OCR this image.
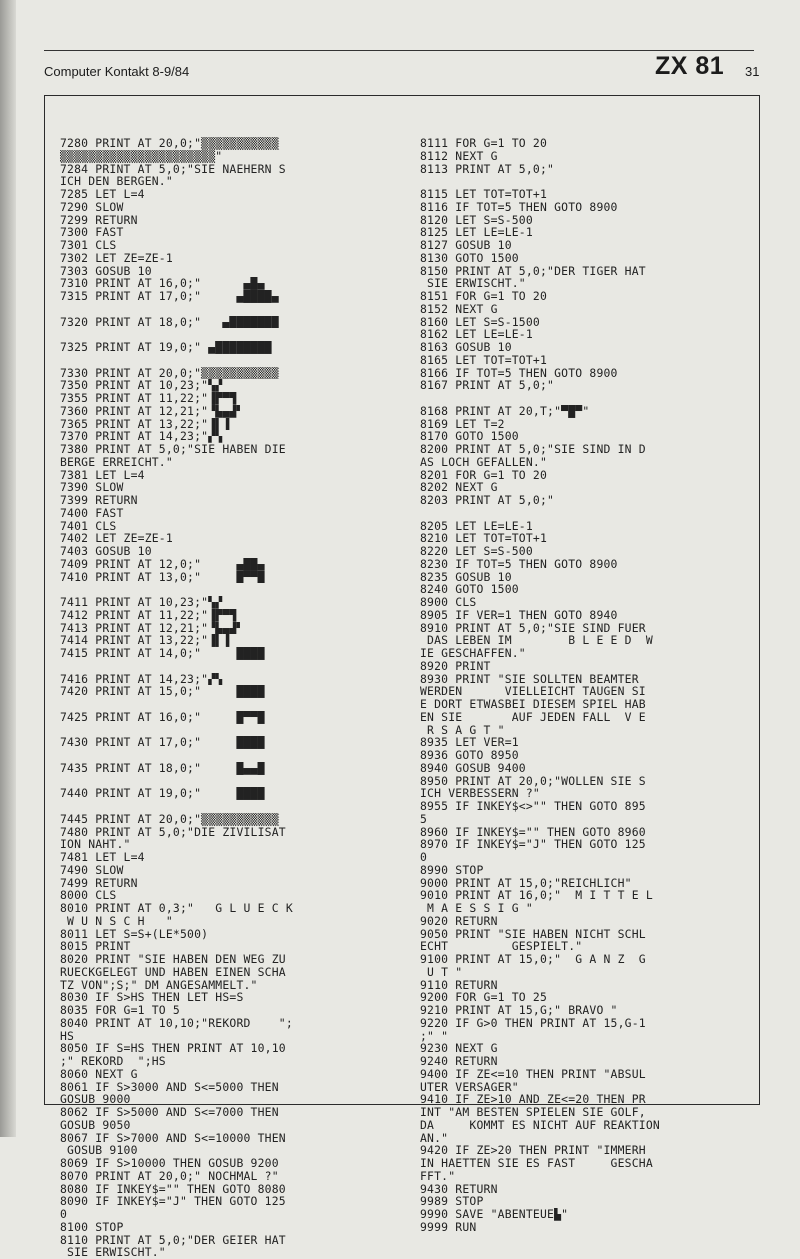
Computer Kontakt 8-9/84	ZX 81 31
7280 PRINT AT 20,0;"▒▒▒▒▒▒▒▒▒▒▒
▒▒▒▒▒▒▒▒▒▒▒▒▒▒▒▒▒▒▒▒▒▒"
7284 PRINT AT 5,0;"SIE NAEHERN S
ICH DEN BERGEN."
7285 LET L=4
7290 SLOW
7299 RETURN
7300 FAST
7301 CLS
7302 LET ZE=ZE-1
7303 GOSUB 10
7310 PRINT AT 16,0;"      ▄█▄
7315 PRINT AT 17,0;"     ▄████▄
7320 PRINT AT 18,0;"   ▄███████
7325 PRINT AT 19,0;" ▄████████
7330 PRINT AT 20,0;"▒▒▒▒▒▒▒▒▒▒▒
7350 PRINT AT 10,23;"▚▞
7355 PRINT AT 11,22;"▐▛▀▜
7360 PRINT AT 12,21;"▝▙▄▟▘
7365 PRINT AT 13,22;"▐▌▐
7370 PRINT AT 14,23;"▞▚
7380 PRINT AT 5,0;"SIE HABEN DIE
BERGE ERREICHT."
7381 LET L=4
7390 SLOW
7399 RETURN
7400 FAST
7401 CLS
7402 LET ZE=ZE-1
7403 GOSUB 10
7409 PRINT AT 12,0;"     ▄██▄
7410 PRINT AT 13,0;"     █▀▀█
7411 PRINT AT 10,23;"▚▞
7412 PRINT AT 11,22;"▐▛▀▜
7413 PRINT AT 12,21;"▝▙▄▟▘
7414 PRINT AT 13,22;"▐▌▐
7415 PRINT AT 14,0;"     ████
7416 PRINT AT 14,23;"▞▚
7420 PRINT AT 15,0;"     ████
7425 PRINT AT 16,0;"     █▀▀█
7430 PRINT AT 17,0;"     ████
7435 PRINT AT 18,0;"     █▄▄█
7440 PRINT AT 19,0;"     ████
7445 PRINT AT 20,0;"▒▒▒▒▒▒▒▒▒▒▒
7480 PRINT AT 5,0;"DIE ZIVILISAT
ION NAHT."
7481 LET L=4
7490 SLOW
7499 RETURN
8000 CLS
8010 PRINT AT 0,3;"   G L U E C K
W U N S C H   "
8011 LET S=S+(LE*500)
8015 PRINT
8020 PRINT "SIE HABEN DEN WEG ZU
RUECKGELEGT UND HABEN EINEN SCHA
TZ VON";S;" DM ANGESAMMELT."
8030 IF S>HS THEN LET HS=S
8035 FOR G=1 TO 5
8040 PRINT AT 10,10;"REKORD    ";
HS
8050 IF S=HS THEN PRINT AT 10,10
;" REKORD  ";HS
8060 NEXT G
8061 IF S>3000 AND S<=5000 THEN
GOSUB 9000
8062 IF S>5000 AND S<=7000 THEN
GOSUB 9050
8067 IF S>7000 AND S<=10000 THEN
GOSUB 9100
8069 IF S>10000 THEN GOSUB 9200
8070 PRINT AT 20,0;" NOCHMAL ?"
8080 IF INKEY$="" THEN GOTO 8080
8090 IF INKEY$="J" THEN GOTO 125
0
8100 STOP
8110 PRINT AT 5,0;"DER GEIER HAT
SIE ERWISCHT."
8111 FOR G=1 TO 20
8112 NEXT G
8113 PRINT AT 5,0;"
8115 LET TOT=TOT+1
8116 IF TOT=5 THEN GOTO 8900
8120 LET S=S-500
8125 LET LE=LE-1
8127 GOSUB 10
8130 GOTO 1500
8150 PRINT AT 5,0;"DER TIGER HAT
SIE ERWISCHT."
8151 FOR G=1 TO 20
8152 NEXT G
8160 LET S=S-1500
8162 LET LE=LE-1
8163 GOSUB 10
8165 LET TOT=TOT+1
8166 IF TOT=5 THEN GOTO 8900
8167 PRINT AT 5,0;"
8168 PRINT AT 20,T;"▀█▀"
8169 LET T=2
8170 GOTO 1500
8200 PRINT AT 5,0;"SIE SIND IN D
AS LOCH GEFALLEN."
8201 FOR G=1 TO 20
8202 NEXT G
8203 PRINT AT 5,0;"
8205 LET LE=LE-1
8210 LET TOT=TOT+1
8220 LET S=S-500
8230 IF TOT=5 THEN GOTO 8900
8235 GOSUB 10
8240 GOTO 1500
8900 CLS
8905 IF VER=1 THEN GOTO 8940
8910 PRINT AT 5,0;"SIE SIND FUER
DAS LEBEN IM        B L E E D  W
IE GESCHAFFEN."
8920 PRINT
8930 PRINT "SIE SOLLTEN BEAMTER
WERDEN      VIELLEICHT TAUGEN SI
E DORT ETWASBEI DIESEM SPIEL HAB
EN SIE       AUF JEDEN FALL  V E
R S A G T "
8935 LET VER=1
8936 GOTO 8950
8940 GOSUB 9400
8950 PRINT AT 20,0;"WOLLEN SIE S
ICH VERBESSERN ?"
8955 IF INKEY$<>"" THEN GOTO 895
5
8960 IF INKEY$="" THEN GOTO 8960
8970 IF INKEY$="J" THEN GOTO 125
0
8990 STOP
9000 PRINT AT 15,0;"REICHLICH"
9010 PRINT AT 16,0;"  M I T T E L
M A E S S I G "
9020 RETURN
9050 PRINT "SIE HABEN NICHT SCHL
ECHT         GESPIELT."
9100 PRINT AT 15,0;"  G A N Z  G
U T "
9110 RETURN
9200 FOR G=1 TO 25
9210 PRINT AT 15,G;" BRAVO "
9220 IF G>0 THEN PRINT AT 15,G-1
;" "
9230 NEXT G
9240 RETURN
9400 IF ZE<=10 THEN PRINT "ABSUL
UTER VERSAGER"
9410 IF ZE>10 AND ZE<=20 THEN PR
INT "AM BESTEN SPIELEN SIE GOLF,
DA     KOMMT ES NICHT AUF REAKTION
AN."
9420 IF ZE>20 THEN PRINT "IMMERH
IN HAETTEN SIE ES FAST     GESCHA
FFT."
9430 RETURN
9989 STOP
9990 SAVE "ABENTEUE▙"
9999 RUN
